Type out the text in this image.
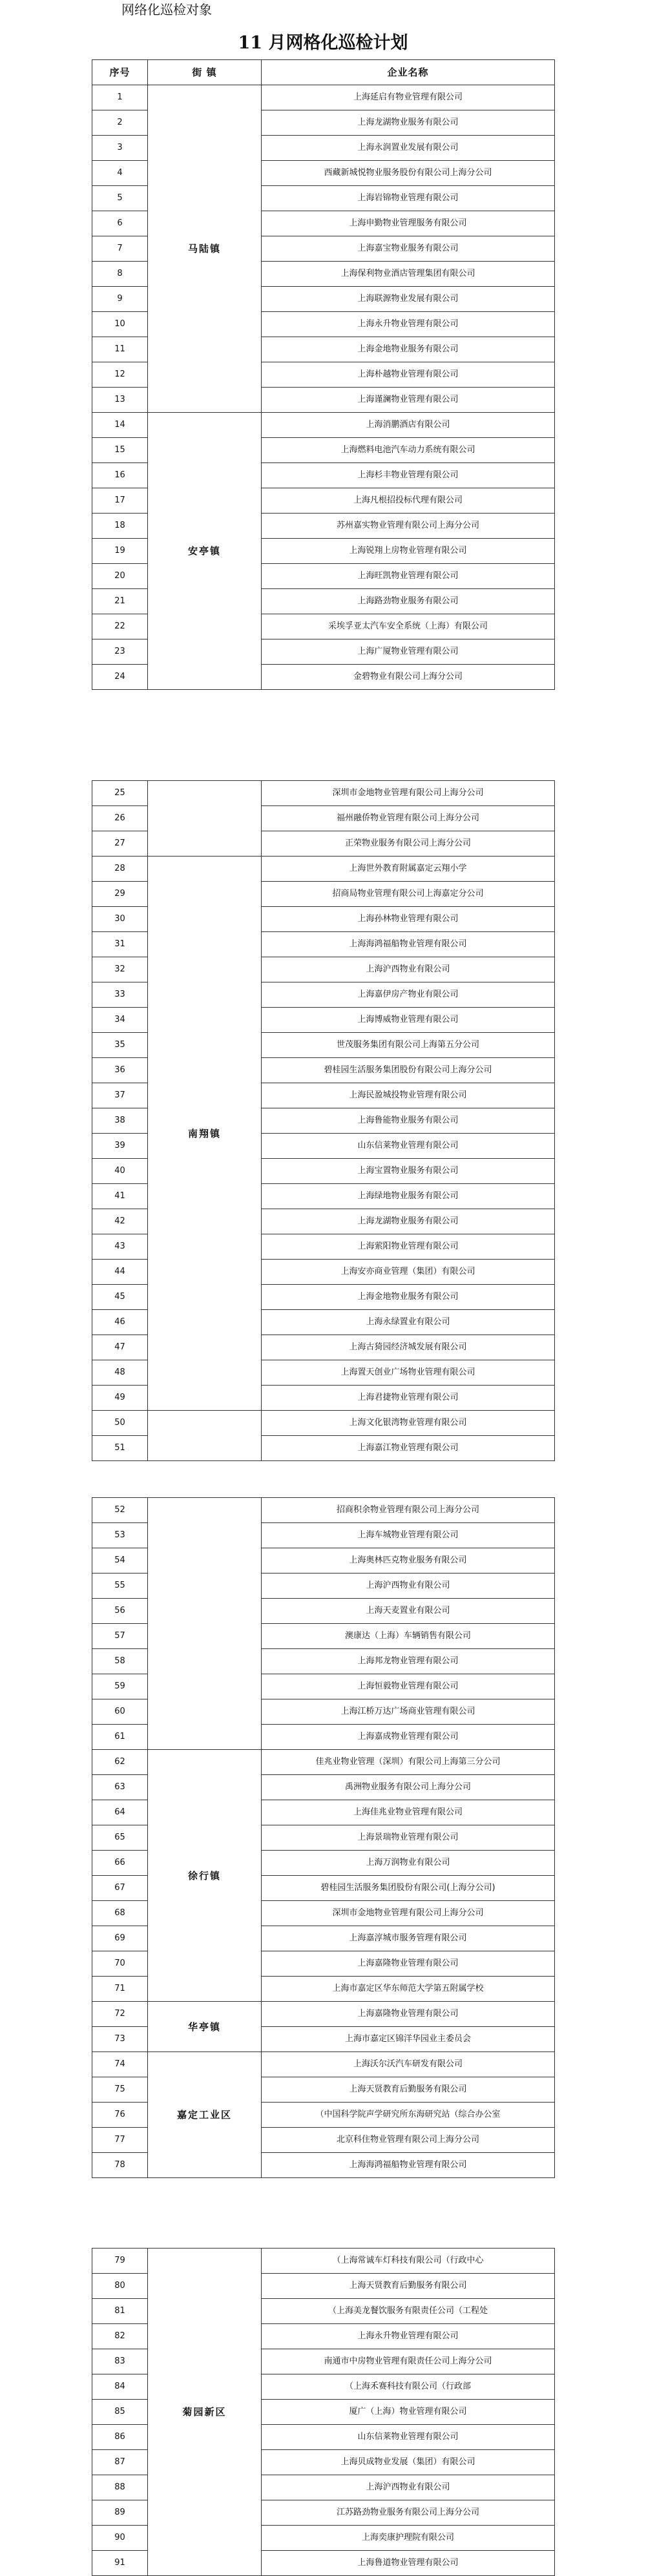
网络化巡检对象
11 月网格化巡检计划
序号	街 镇	企业名称
1	马陆镇	上海延启有物业管理有限公司
2		上海龙湖物业服务有限公司
3		上海永润置业发展有限公司
4		西藏新城悦物业服务股份有限公司上海分公司
5		上海岩锦物业管理有限公司
6		上海申勤物业管理服务有限公司
7		上海嘉宝物业服务有限公司
8		上海保利物业酒店管理集团有限公司
9		上海联源物业发展有限公司
10		上海永升物业管理有限公司
11		上海金地物业服务有限公司
12		上海朴越物业管理有限公司
13		上海谨澜物业管理有限公司
14	安亭镇	上海消鹏酒店有限公司
15		上海燃料电池汽车动力系统有限公司
16		上海杉丰物业管理有限公司
17		上海凡根招投标代理有限公司
18		苏州嘉实物业管理有限公司上海分公司
19		上海锐翔上房物业管理有限公司
20		上海旺凯物业管理有限公司
21		上海路劲物业服务有限公司
22		采埃孚亚太汽车安全系统（上海）有限公司
23		上海广厦物业管理有限公司
24		金碧物业有限公司上海分公司
25		深圳市金地物业管理有限公司上海分公司
26		福州融侨物业管理有限公司上海分公司
27		正荣物业服务有限公司上海分公司
28	南翔镇	上海世外教育附属嘉定云翔小学
29		招商局物业管理有限公司上海嘉定分公司
30		上海孙林物业管理有限公司
31		上海海鸿福船物业管理有限公司
32		上海沪西物业有限公司
33		上海嘉伊房产物业有限公司
34		上海博威物业管理有限公司
35		世茂服务集团有限公司上海第五分公司
36		碧桂园生活服务集团股份有限公司上海分公司
37		上海民盈城投物业管理有限公司
38		上海鲁能物业服务有限公司
39		山东信莱物业管理有限公司
40		上海宝置物业服务有限公司
41		上海绿地物业服务有限公司
42		上海龙湖物业服务有限公司
43		上海萦阳物业管理有限公司
44		上海安亦商业管理（集团）有限公司
45		上海金地物业服务有限公司
46		上海永绿置业有限公司
47		上海古猗园经济城发展有限公司
48		上海置天创业广场物业管理有限公司
49		上海君捷物业管理有限公司
50		上海文化银湾物业管理有限公司
51		上海嘉江物业管理有限公司
52		招商积余物业管理有限公司上海分公司
53		上海车城物业管理有限公司
54		上海奥林匹克物业服务有限公司
55		上海沪西物业有限公司
56		上海天麦置业有限公司
57		澳康达（上海）车辆销售有限公司
58		上海邦龙物业管理有限公司
59		上海恒毅物业管理有限公司
60		上海江桥万达广场商业管理有限公司
61		上海嘉成物业管理有限公司
62	徐行镇	佳兆业物业管理（深圳）有限公司上海第三分公司
63		禹洲物业服务有限公司上海分公司
64		上海佳兆业物业管理有限公司
65		上海景瑞物业管理有限公司
66		上海万润物业有限公司
67		碧桂园生活服务集团股份有限公司(上海分公司)
68		深圳市金地物业管理有限公司上海分公司
69		上海嘉淳城市服务管理有限公司
70		上海嘉隆物业管理有限公司
71		上海市嘉定区华东师范大学第五附属学校
72	华亭镇	上海嘉隆物业管理有限公司
73		上海市嘉定区锦洋华园业主委员会
74	嘉定工业区	上海沃尔沃汽车研发有限公司
75		上海天贤教育后勤服务有限公司
76		（中国科学院声学研究所东海研究站（综合办公室
77		北京科住物业管理有限公司上海分公司
78		上海海鸿福船物业管理有限公司
79	菊园新区	（上海常诚车灯科技有限公司（行政中心
80		上海天贤教育后勤服务有限公司
81		（上海美龙餐饮服务有限责任公司（工程处
82		上海永升物业管理有限公司
83		南通市中房物业管理有限责任公司上海分公司
84		（上海禾赛科技有限公司（行政部
85		厦广（上海）物业管理有限公司
86		山东信莱物业管理有限公司
87		上海贝成物业发展（集团）有限公司
88		上海沪西物业有限公司
89		江苏路劲物业服务有限公司上海分公司
90		上海奕康护理院有限公司
91		上海鲁道物业管理有限公司
